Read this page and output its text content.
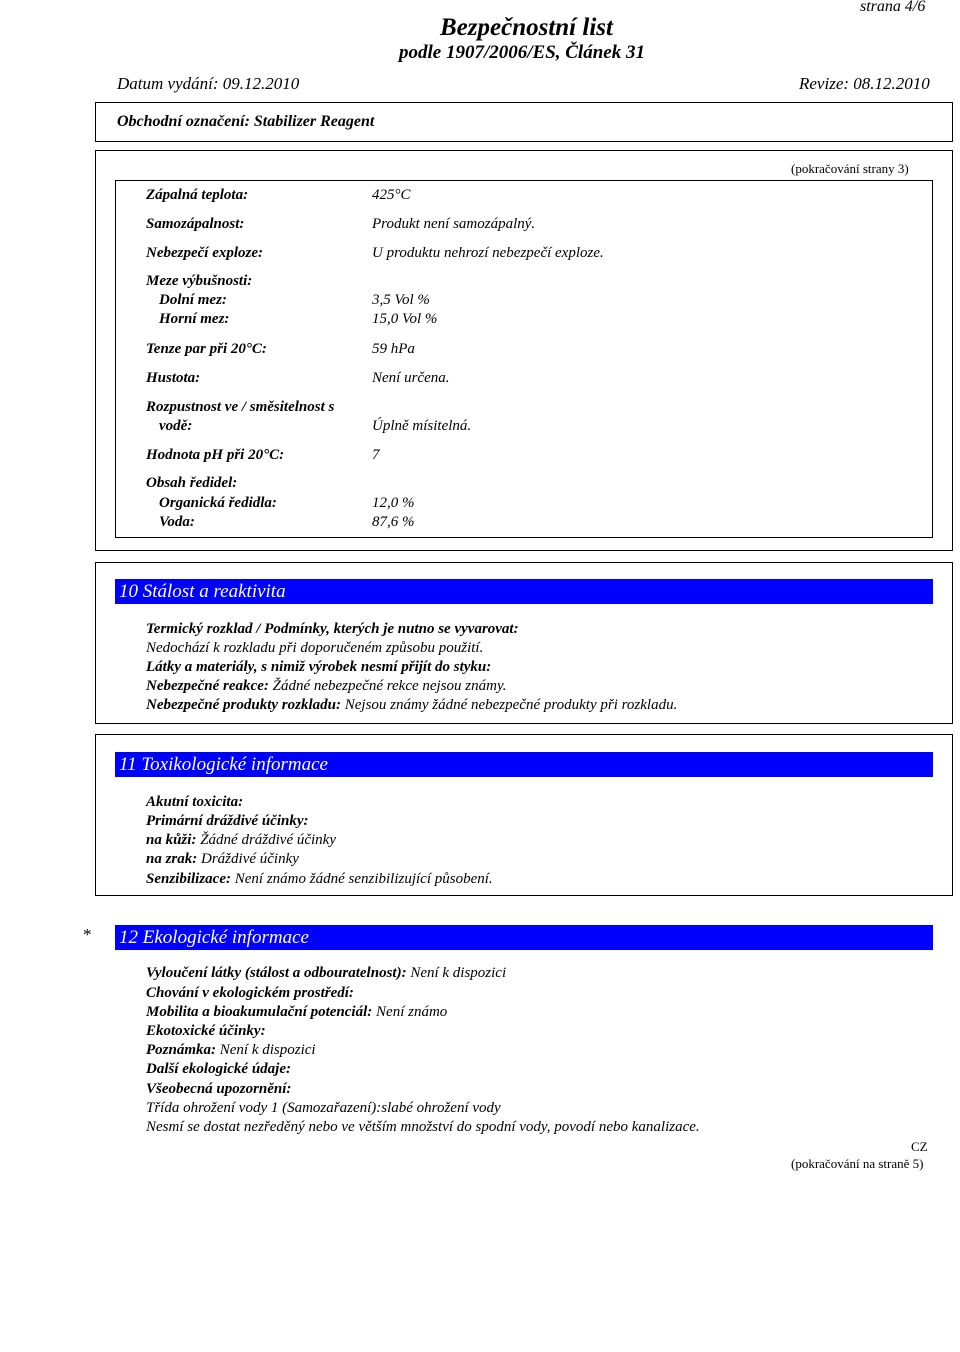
strana 4/6
Bezpečnostní list
podle 1907/2006/ES, Článek 31
Datum vydání: 09.12.2010	Revize: 08.12.2010
Obchodní označení: Stabilizer Reagent
(pokračování strany 3)
Zápalná teplota:	425°C
Samozápalnost:	Produkt není samozápalný.
Nebezpečí exploze:	U produktu nehrozí nebezpečí exploze.
Meze výbušnosti:
Dolní mez:	3,5 Vol %
Horní mez:	15,0 Vol %
Tenze par při 20°C:	59 hPa
Hustota:	Není určena.
Rozpustnost ve / směsitelnost s
vodě:	Úplně mísitelná.
Hodnota pH při 20°C:	7
Obsah ředidel:
Organická ředidla:	12,0 %
Voda:	87,6 %
10 Stálost a reaktivita
Termický rozklad / Podmínky, kterých je nutno se vyvarovat:
Nedochází k rozkladu při doporučeném způsobu použití.
Látky a materiály, s nimiž výrobek nesmí přijít do styku:
Nebezpečné reakce: Žádné nebezpečné rekce nejsou známy.
Nebezpečné produkty rozkladu: Nejsou známy žádné nebezpečné produkty při rozkladu.
11 Toxikologické informace
Akutní toxicita:
Primární dráždivé účinky:
na kůži: Žádné dráždivé účinky
na zrak: Dráždivé účinky
Senzibilizace: Není známo žádné senzibilizující působení.
* 12 Ekologické informace
Vyloučení látky (stálost a odbouratelnost): Není k dispozici
Chování v ekologickém prostředí:
Mobilita a bioakumulační potenciál: Není známo
Ekotoxické účinky:
Poznámka: Není k dispozici
Další ekologické údaje:
Všeobecná upozornění:
Třída ohrožení vody 1 (Samozařazení):slabé ohrožení vody
Nesmí se dostat nezředěný nebo ve větším množství do spodní vody, povodí nebo kanalizace.
CZ
(pokračování na straně 5)
